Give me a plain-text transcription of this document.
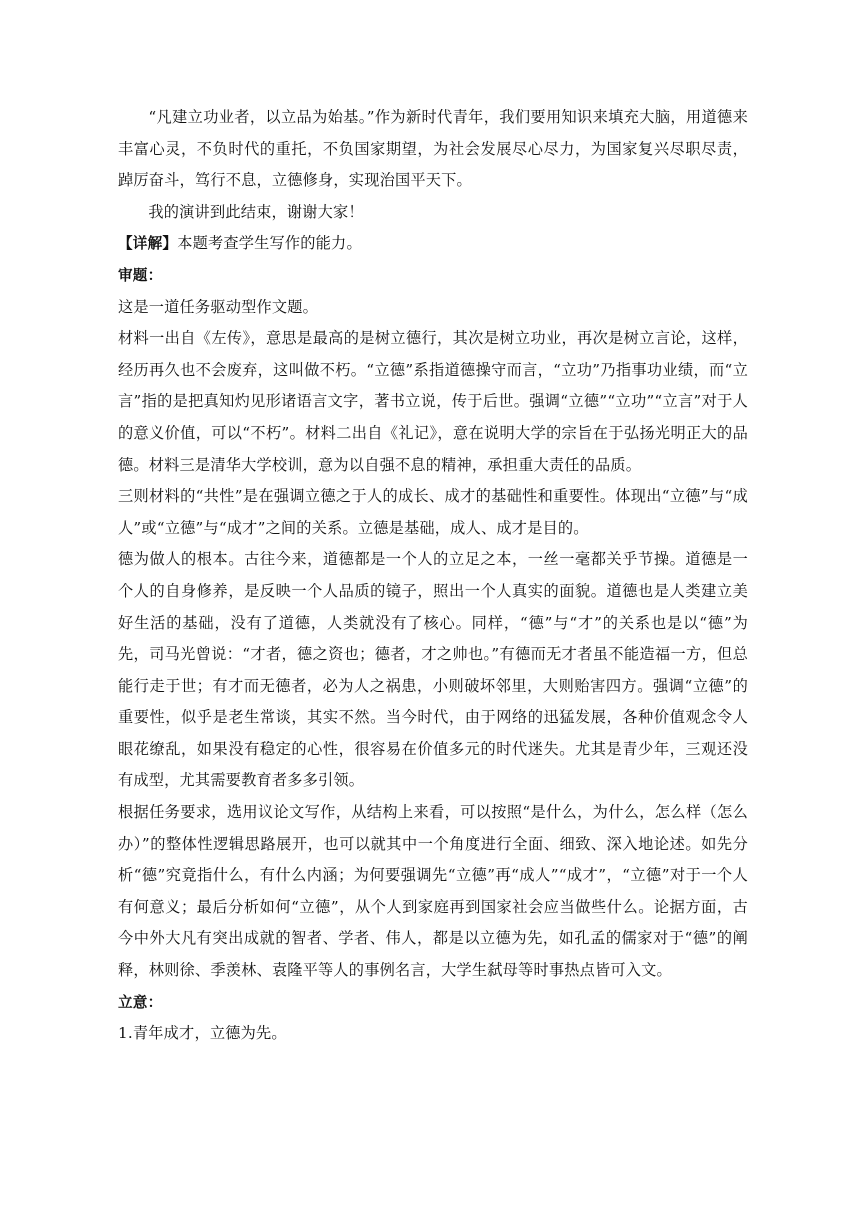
“凡建立功业者，以立品为始基。”作为新时代青年，我们要用知识来填充大脑，用道德来丰富心灵，不负时代的重托，不负国家期望，为社会发展尽心尽力，为国家复兴尽职尽责，踔厉奋斗，笃行不息，立德修身，实现治国平天下。

我的演讲到此结束，谢谢大家！

【详解】本题考查学生写作的能力。

审题：

这是一道任务驱动型作文题。

材料一出自《左传》，意思是最高的是树立德行，其次是树立功业，再次是树立言论，这样，经历再久也不会废弃，这叫做不朽。“立德”系指道德操守而言，“立功”乃指事功业绩，而“立言”指的是把真知灼见形诸语言文字，著书立说，传于后世。强调“立德”“立功”“立言”对于人的意义价值，可以“不朽”。材料二出自《礼记》，意在说明大学的宗旨在于弘扬光明正大的品德。材料三是清华大学校训，意为以自强不息的精神，承担重大责任的品质。

三则材料的“共性”是在强调立德之于人的成长、成才的基础性和重要性。体现出“立德”与“成人”或“立德”与“成才”之间的关系。立德是基础，成人、成才是目的。

德为做人的根本。古往今来，道德都是一个人的立足之本，一丝一毫都关乎节操。道德是一个人的自身修养，是反映一个人品质的镜子，照出一个人真实的面貌。道德也是人类建立美好生活的基础，没有了道德，人类就没有了核心。同样，“德”与“才”的关系也是以“德”为先，司马光曾说：“才者，德之资也；德者，才之帅也。”有德而无才者虽不能造福一方，但总能行走于世；有才而无德者，必为人之祸患，小则破坏邻里，大则贻害四方。强调“立德”的重要性，似乎是老生常谈，其实不然。当今时代，由于网络的迅猛发展，各种价值观念令人眼花缭乱，如果没有稳定的心性，很容易在价值多元的时代迷失。尤其是青少年，三观还没有成型，尤其需要教育者多多引领。

根据任务要求，选用议论文写作，从结构上来看，可以按照“是什么，为什么，怎么样（怎么办）”的整体性逻辑思路展开，也可以就其中一个角度进行全面、细致、深入地论述。如先分析“德”究竟指什么，有什么内涵；为何要强调先“立德”再“成人”“成才”，“立德”对于一个人有何意义；最后分析如何“立德”，从个人到家庭再到国家社会应当做些什么。论据方面，古今中外大凡有突出成就的智者、学者、伟人，都是以立德为先，如孔孟的儒家对于“德”的阐释，林则徐、季羡林、袁隆平等人的事例名言，大学生弑母等时事热点皆可入文。

立意：

1.青年成才，立德为先。
